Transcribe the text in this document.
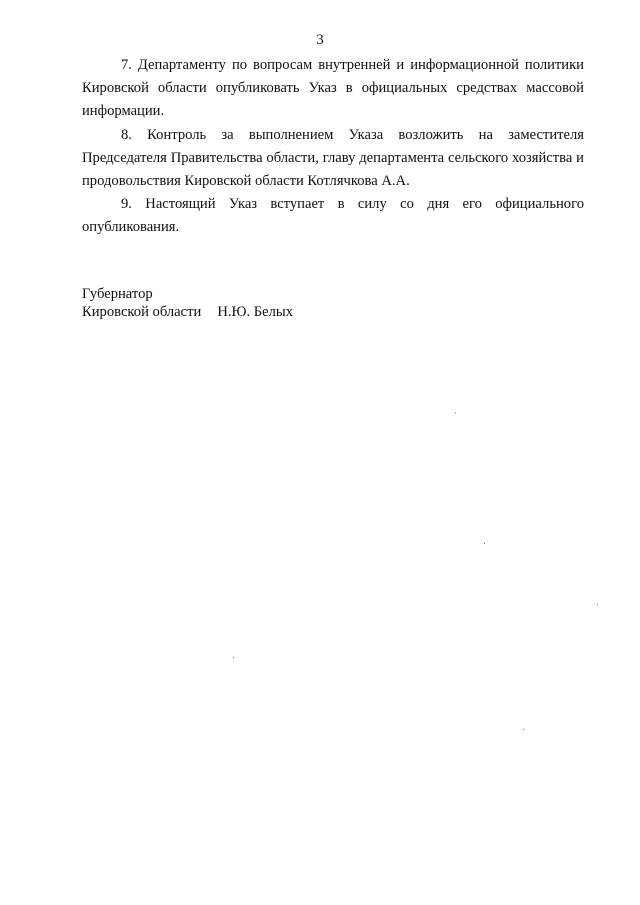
3

7. Департаменту по вопросам внутренней и информационной политики Кировской области опубликовать Указ в официальных средствах массовой информации.

8. Контроль за выполнением Указа возложить на заместителя Председателя Правительства области, главу департамента сельского хозяйства и продовольствия Кировской области Котлячкова А.А.

9. Настоящий Указ вступает в силу со дня его официального опубликования.

Губернатор
Кировской области Н.Ю. Белых
